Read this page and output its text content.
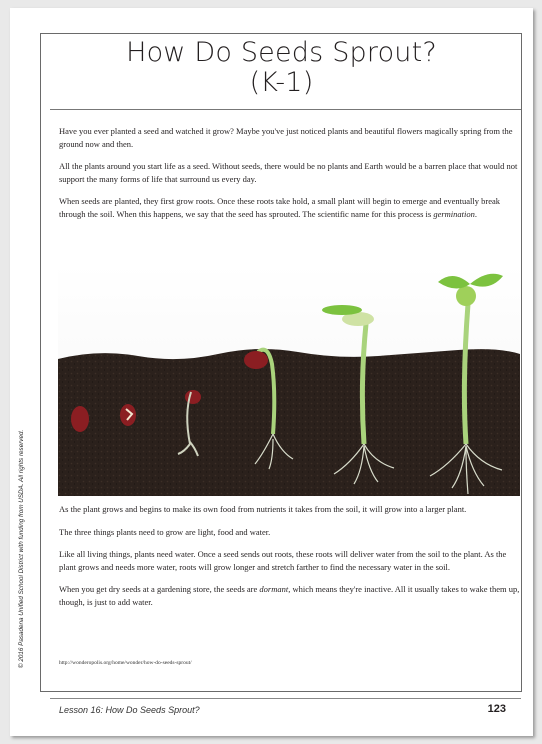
© 2016 Pasadena Unified School District with funding from USDA. All rights reserved.
How Do Seeds Sprout?
(K-1)

Have you ever planted a seed and watched it grow? Maybe you've just noticed plants and beautiful flowers magically spring from the ground now and then.

All the plants around you start life as a seed. Without seeds, there would be no plants and Earth would be a barren place that would not support the many forms of life that surround us every day.

When seeds are planted, they first grow roots. Once these roots take hold, a small plant will begin to emerge and eventually break through the soil. When this happens, we say that the seed has sprouted. The scientific name for this process is germination.

As the plant grows and begins to make its own food from nutrients it takes from the soil, it will grow into a larger plant.

The three things plants need to grow are light, food and water.

Like all living things, plants need water. Once a seed sends out roots, these roots will deliver water from the soil to the plant. As the plant grows and needs more water, roots will grow longer and stretch farther to find the necessary water in the soil.

When you get dry seeds at a gardening store, the seeds are dormant, which means they're inactive. All it usually takes to wake them up, though, is just to add water.

http://wonderopolis.org/home/wonder/how-do-seeds-sprout/
Lesson 16: How Do Seeds Sprout?	123
